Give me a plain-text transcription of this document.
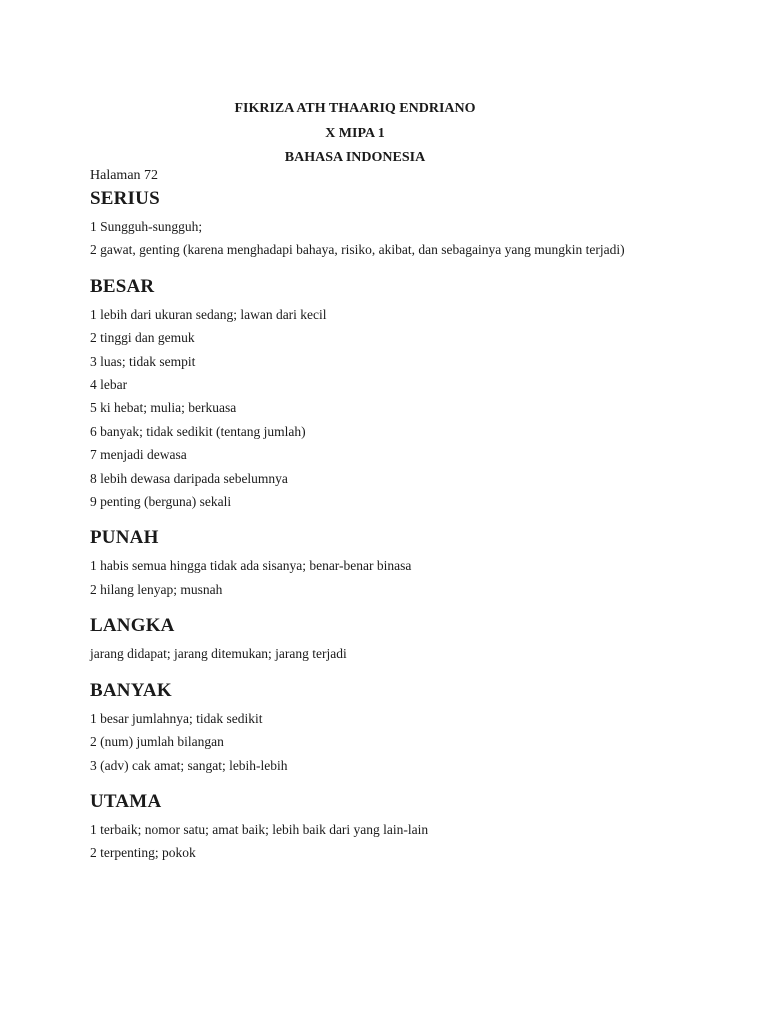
FIKRIZA ATH THAARIQ ENDRIANO
X MIPA 1
BAHASA INDONESIA

Halaman 72

SERIUS

1 Sungguh-sungguh;

2 gawat, genting (karena menghadapi bahaya, risiko, akibat, dan sebagainya yang mungkin terjadi)

BESAR

1 lebih dari ukuran sedang; lawan dari kecil

2 tinggi dan gemuk

3 luas; tidak sempit

4 lebar

5 ki hebat; mulia; berkuasa

6 banyak; tidak sedikit (tentang jumlah)

7 menjadi dewasa

8 lebih dewasa daripada sebelumnya

9 penting (berguna) sekali

PUNAH

1 habis semua hingga tidak ada sisanya; benar-benar binasa

2 hilang lenyap; musnah

LANGKA

jarang didapat; jarang ditemukan; jarang terjadi

BANYAK

1 besar jumlahnya; tidak sedikit

2 (num) jumlah bilangan

3 (adv) cak amat; sangat; lebih-lebih

UTAMA

1 terbaik; nomor satu; amat baik; lebih baik dari yang lain-lain

2 terpenting; pokok
